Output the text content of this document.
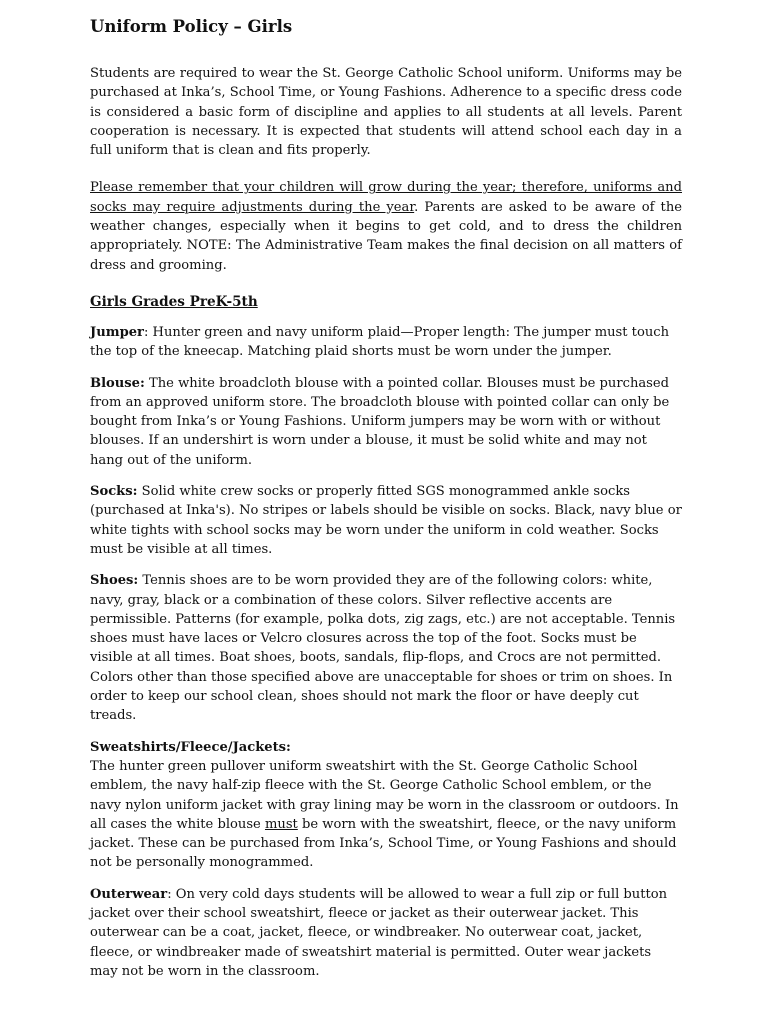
Uniform Policy – Girls

Students are required to wear the St. George Catholic School uniform. Uniforms may be purchased at Inka’s, School Time, or Young Fashions. Adherence to a specific dress code is considered a basic form of discipline and applies to all students at all levels. Parent cooperation is necessary. It is expected that students will attend school each day in a full uniform that is clean and fits properly.

Please remember that your children will grow during the year; therefore, uniforms and socks may require adjustments during the year. Parents are asked to be aware of the weather changes, especially when it begins to get cold, and to dress the children appropriately. NOTE: The Administrative Team makes the final decision on all matters of dress and grooming.

Girls Grades PreK-5th

Jumper: Hunter green and navy uniform plaid—Proper length: The jumper must touch the top of the kneecap. Matching plaid shorts must be worn under the jumper.

Blouse: The white broadcloth blouse with a pointed collar. Blouses must be purchased from an approved uniform store. The broadcloth blouse with pointed collar can only be bought from Inka’s or Young Fashions. Uniform jumpers may be worn with or without blouses. If an undershirt is worn under a blouse, it must be solid white and may not hang out of the uniform.

Socks: Solid white crew socks or properly fitted SGS monogrammed ankle socks (purchased at Inka's). No stripes or labels should be visible on socks. Black, navy blue or white tights with school socks may be worn under the uniform in cold weather. Socks must be visible at all times.

Shoes: Tennis shoes are to be worn provided they are of the following colors: white, navy, gray, black or a combination of these colors. Silver reflective accents are permissible. Patterns (for example, polka dots, zig zags, etc.) are not acceptable. Tennis shoes must have laces or Velcro closures across the top of the foot. Socks must be visible at all times. Boat shoes, boots, sandals, flip-flops, and Crocs are not permitted. Colors other than those specified above are unacceptable for shoes or trim on shoes. In order to keep our school clean, shoes should not mark the floor or have deeply cut treads.

Sweatshirts/Fleece/Jackets:
The hunter green pullover uniform sweatshirt with the St. George Catholic School emblem, the navy half-zip fleece with the St. George Catholic School emblem, or the navy nylon uniform jacket with gray lining may be worn in the classroom or outdoors. In all cases the white blouse must be worn with the sweatshirt, fleece, or the navy uniform jacket. These can be purchased from Inka’s, School Time, or Young Fashions and should not be personally monogrammed.

Outerwear: On very cold days students will be allowed to wear a full zip or full button jacket over their school sweatshirt, fleece or jacket as their outerwear jacket. This outerwear can be a coat, jacket, fleece, or windbreaker. No outerwear coat, jacket, fleece, or windbreaker made of sweatshirt material is permitted. Outer wear jackets may not be worn in the classroom.
